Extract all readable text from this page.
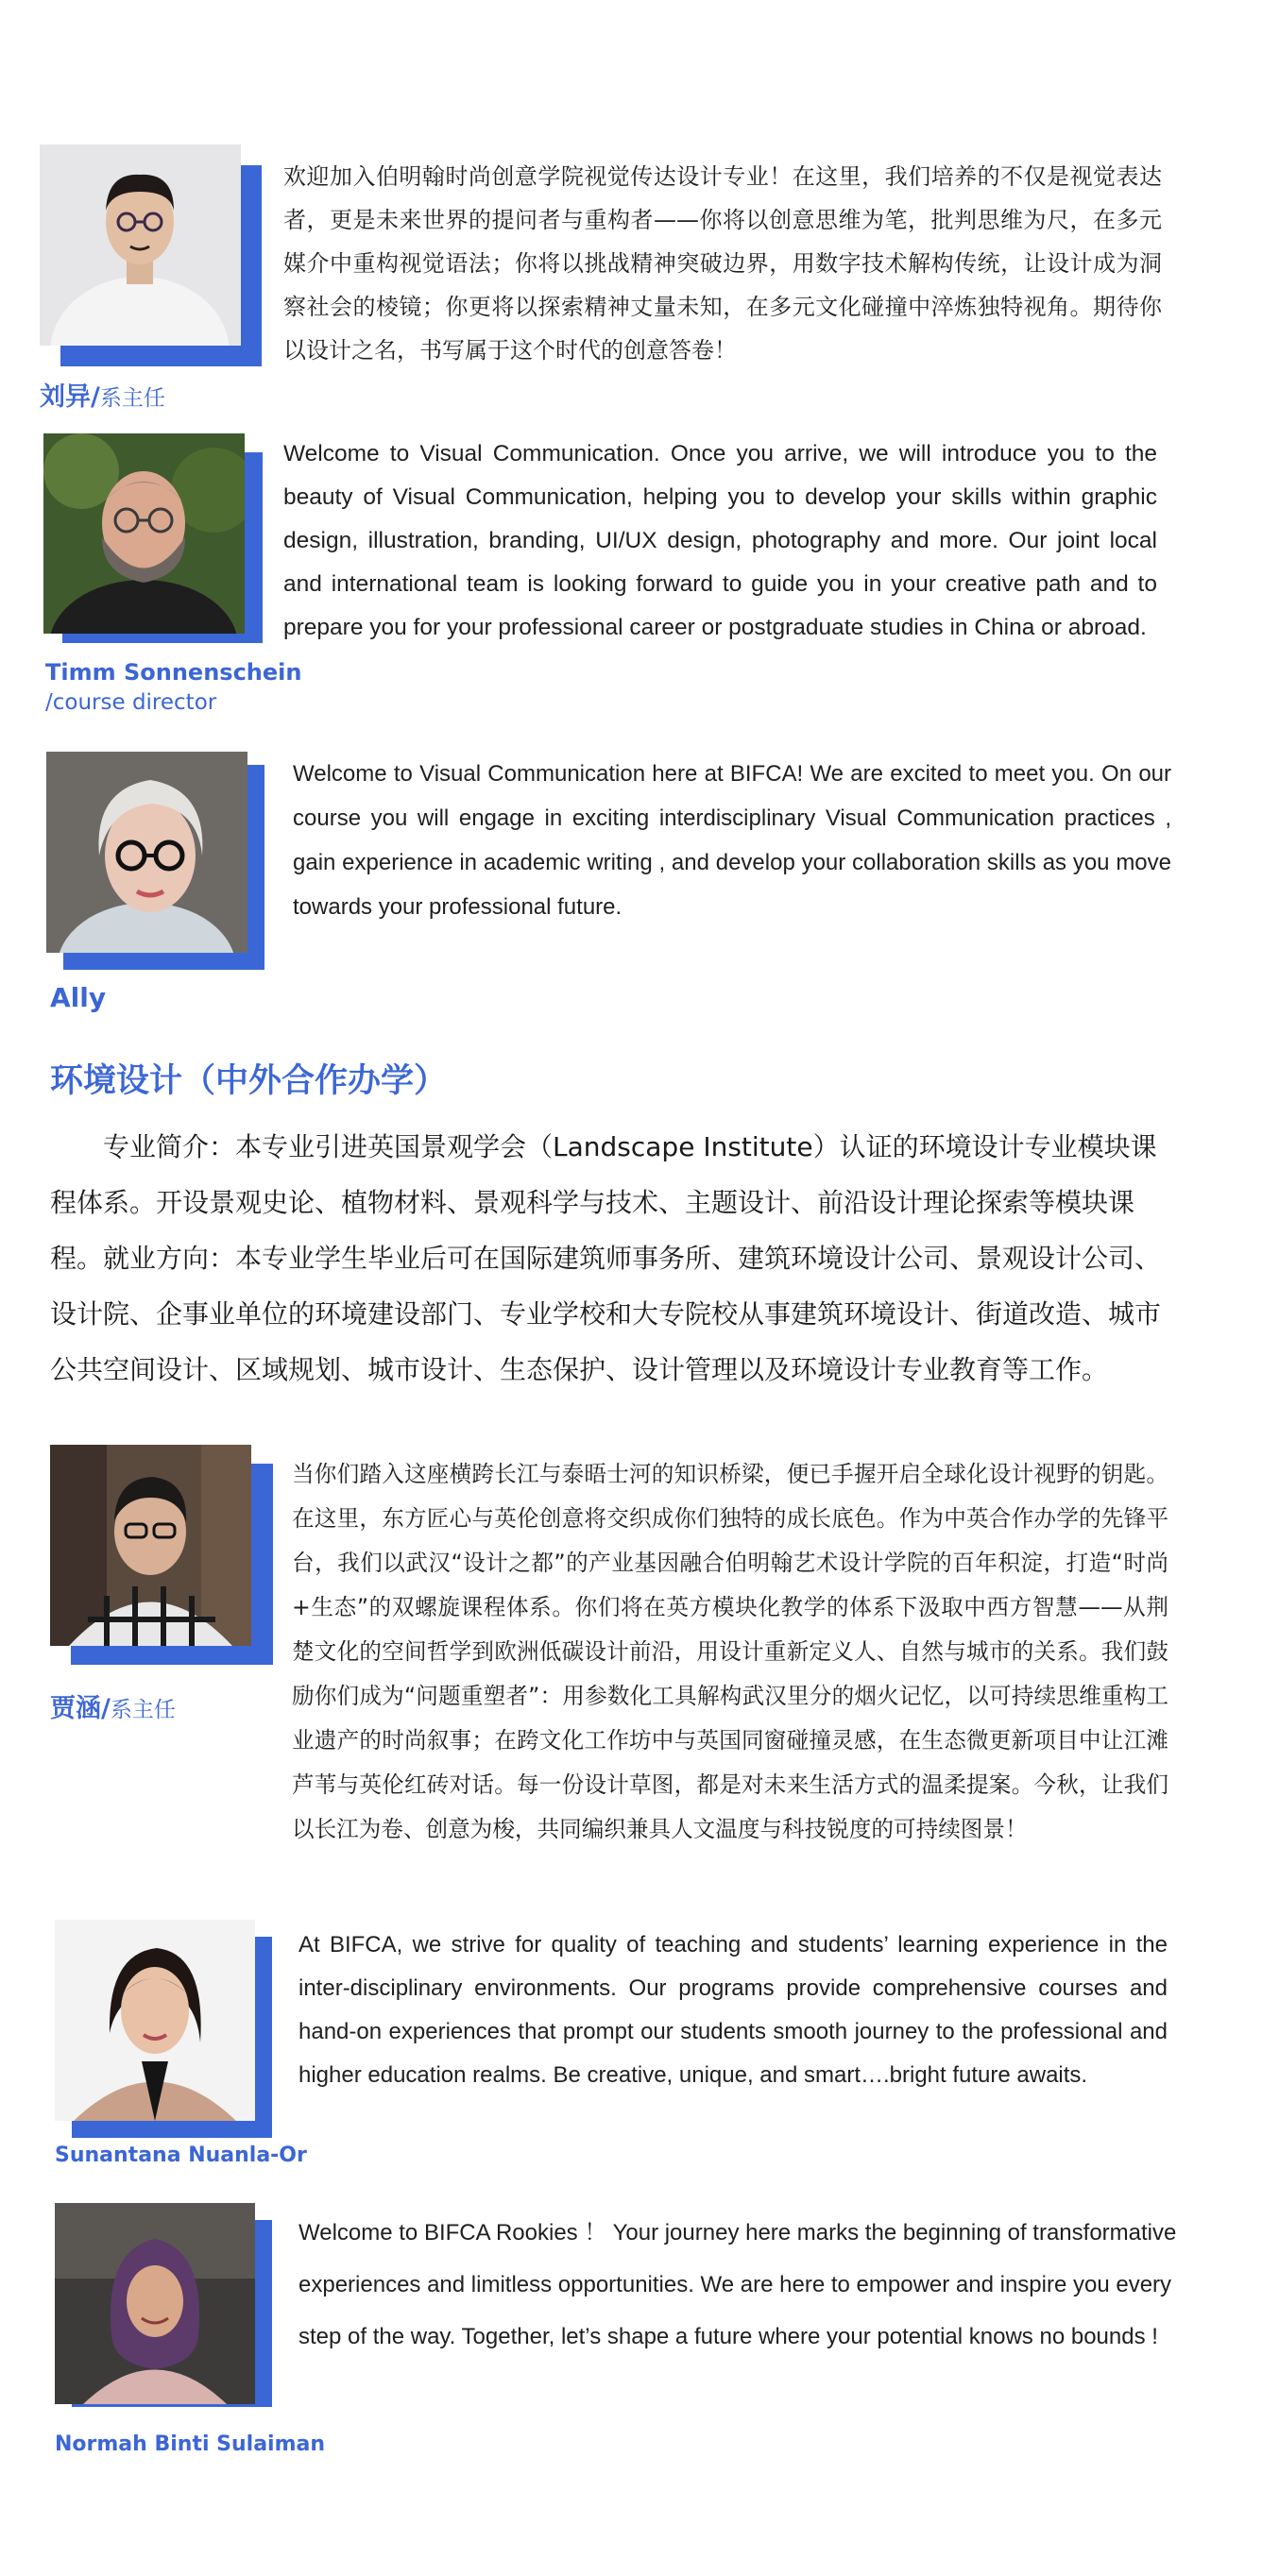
刘异/系主任

欢迎加入伯明翰时尚创意学院视觉传达设计专业！在这里，我们培养的不仅是视觉表达者，更是未来世界的提问者与重构者——你将以创意思维为笔，批判思维为尺，在多元媒介中重构视觉语法；你将以挑战精神突破边界，用数字技术解构传统，让设计成为洞察社会的棱镜；你更将以探索精神丈量未知，在多元文化碰撞中淬炼独特视角。期待你以设计之名，书写属于这个时代的创意答卷！

Timm Sonnenschein
/course director

Welcome to Visual Communication. Once you arrive, we will introduce you to the beauty of Visual Communication, helping you to develop your skills within graphic design, illustration, branding, UI/UX design, photography and more. Our joint local and international team is looking forward to guide you in your creative path and to prepare you for your professional career or postgraduate studies in China or abroad.

Ally

Welcome to Visual Communication here at BIFCA! We are excited to meet you. On our course you will engage in exciting interdisciplinary Visual Communication practices , gain experience in academic writing , and develop your collaboration skills as you move towards your professional future.

环境设计（中外合作办学）

专业简介：本专业引进英国景观学会（Landscape Institute）认证的环境设计专业模块课程体系。开设景观史论、植物材料、景观科学与技术、主题设计、前沿设计理论探索等模块课程。 就业方向：本专业学生毕业后可在国际建筑师事务所、建筑环境设计公司、景观设计公司、设计院、企事业单位的环境建设部门、专业学校和大专院校从事建筑环境设计、街道改造、城市公共空间设计、区域规划、城市设计、生态保护、设计管理以及环境设计专业教育等工作。

贾涵/系主任

当你们踏入这座横跨长江与泰晤士河的知识桥梁，便已手握开启全球化设计视野的钥匙。在这里，东方匠心与英伦创意将交织成你们独特的成长底色。作为中英合作办学的先锋平台，我们以武汉“设计之都”的产业基因融合伯明翰艺术设计学院的百年积淀，打造“时尚+生态”的双螺旋课程体系。你们将在英方模块化教学的体系下汲取中西方智慧——从荆楚文化的空间哲学到欧洲低碳设计前沿，用设计重新定义人、自然与城市的关系。我们鼓励你们成为“问题重塑者”：用参数化工具解构武汉里分的烟火记忆，以可持续思维重构工业遗产的时尚叙事；在跨文化工作坊中与英国同窗碰撞灵感，在生态微更新项目中让江滩芦苇与英伦红砖对话。每一份设计草图，都是对未来生活方式的温柔提案。今秋，让我们以长江为卷、创意为梭，共同编织兼具人文温度与科技锐度的可持续图景！

Sunantana Nuanla-Or

At BIFCA, we strive for quality of teaching and students’ learning experience in the inter-disciplinary environments. Our programs provide comprehensive courses and hand-on experiences that prompt our students smooth journey to the professional and higher education realms. Be creative, unique, and smart….bright future awaits.

Normah Binti Sulaiman

Welcome to BIFCA Rookies ！ Your journey here marks the beginning of transformative experiences and limitless opportunities. We are here to empower and inspire you every step of the way. Together, let’s shape a future where your potential knows no bounds !
